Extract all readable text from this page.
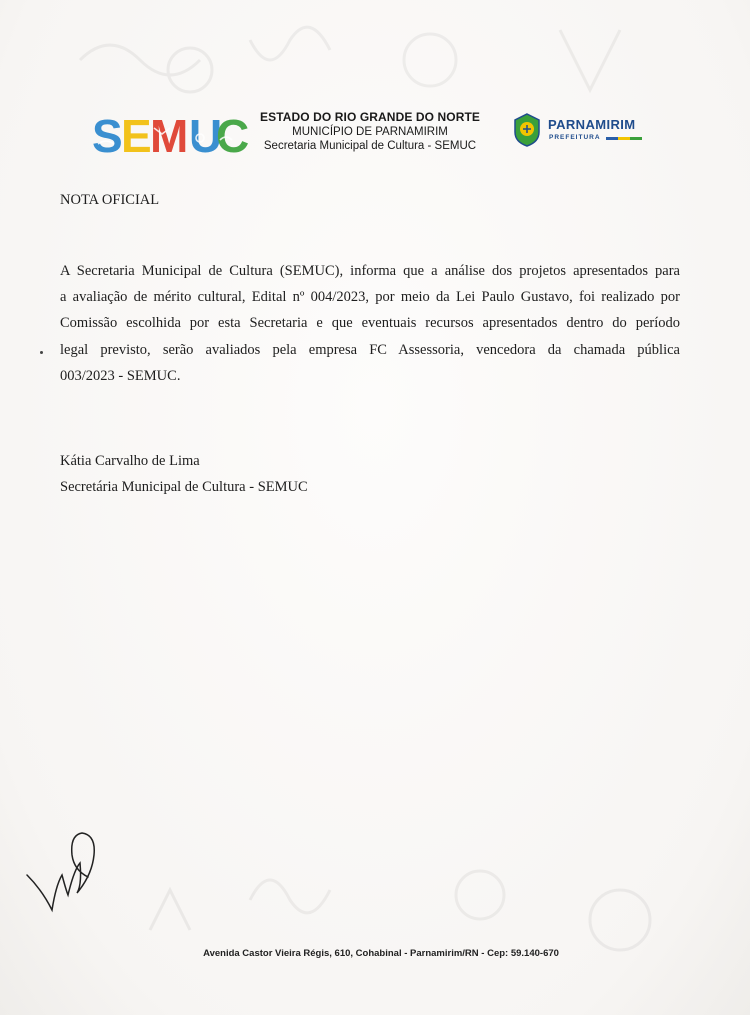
S
E
M U
C ESTADO DO RIO GRANDE DO NORTE
MUNICÍPIO DE PARNAMIRIM
Secretaria Municipal de Cultura - SEMUC
PARNAMIRIM
PREFEITURA
NOTA OFICIAL
A Secretaria Municipal de Cultura (SEMUC), informa que a análise dos projetos apresentados para
a avaliação de mérito cultural, Edital nº 004/2023, por meio da Lei Paulo Gustavo, foi realizado por
Comissão escolhida por esta Secretaria e que eventuais recursos apresentados dentro do período
legal previsto, serão avaliados pela empresa FC Assessoria, vencedora da chamada pública
003/2023 - SEMUC.
Kátia Carvalho de Lima
Secretária Municipal de Cultura - SEMUC
Avenida Castor Vieira Régis, 610, Cohabinal - Parnamirim/RN - Cep: 59.140-670
